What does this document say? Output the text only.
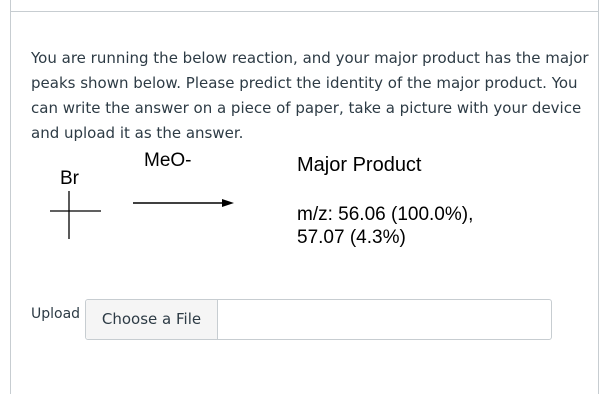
You are running the below reaction, and your major product has the major peaks shown below. Please predict the identity of the major product. You can write the answer on a piece of paper, take a picture with your device and upload it as the answer.

MeO-
Br
Major Product
m/z: 56.06 (100.0%),
57.07 (4.3%)
Upload	Choose a File
